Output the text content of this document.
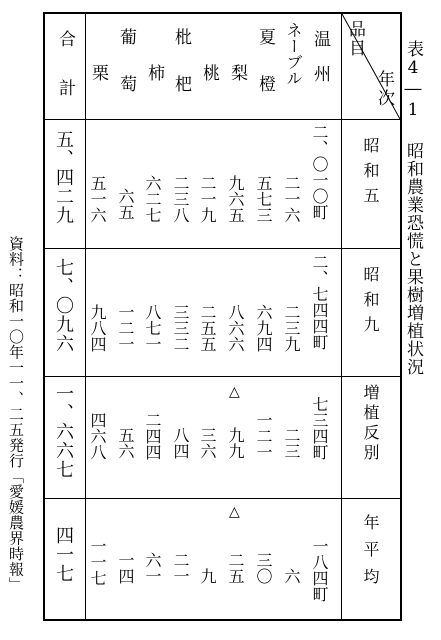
表4―1 昭和農業恐慌と果樹増植状況
資料：昭和一〇年一一、二五発行「愛媛農界時報」
品目
年次
温州
ネーブル
夏橙
梨
桃
枇杷
柿
葡萄
栗
合計
昭和五
昭和九
増植反別
年平均
二、〇一〇町
二一六
五七三
九六五
二一九
二三八
六二七
六五
五一六
五、四二九
二、七四四町
二三九
六九四
八六六
二五五
三三二
八七一
一二一
九八四
七、〇九六
七三四町
二三
一二一
△
九九
三六
八四
二四四
五六
四六八
一、六六七
一八四町
六
三〇
△
二五
九
二一
六一
一四
一一七
四一七
